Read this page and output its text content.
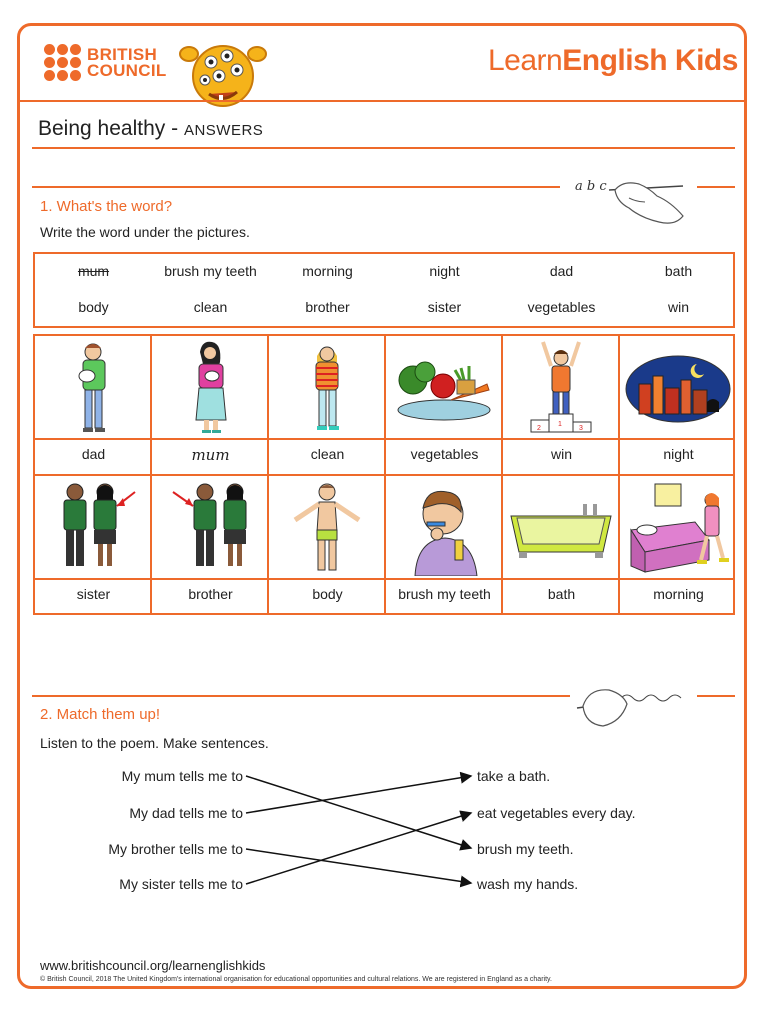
BRITISH
COUNCIL	LearnEnglish Kids
Being healthy - ANSWERS
a b c
1. What's the word?
Write the word under the pictures.
mum	brush my teeth	morning	night	dad	bath
body	clean	brother	sister	vegetables	win
2
1
3
dad	mum	clean	vegetables	win	night
sister	brother	body	brush my teeth	bath	morning
2. Match them up!
Listen to the poem. Make sentences.
My mum tells me to
My dad tells me to
My brother tells me to
My sister tells me to
take a bath.
eat vegetables every day.
brush my teeth.
wash my hands.
www.britishcouncil.org/learnenglishkids
© British Council, 2018 The United Kingdom's international organisation for educational opportunities and cultural relations. We are registered in England as a charity.
